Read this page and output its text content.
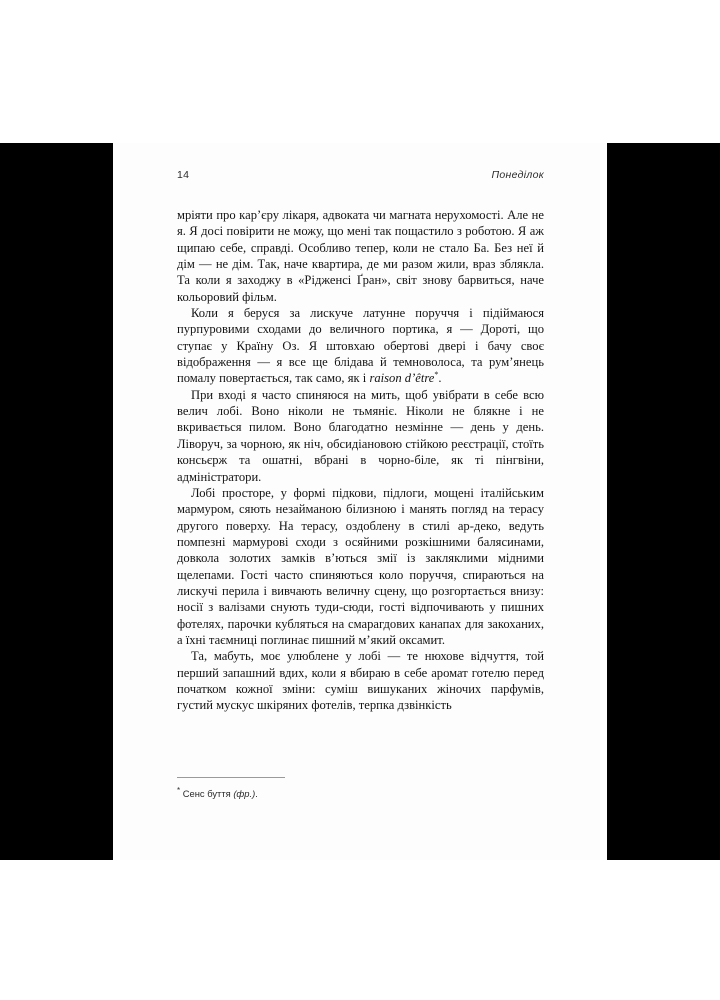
14	Понеділок

мріяти про кар’єру лікаря, адвоката чи магната нерухомості. Але не я. Я досі повірити не можу, що мені так пощастило з роботою. Я аж щипаю себе, справді. Особливо тепер, коли не стало Ба. Без неї й дім — не дім. Так, наче квартира, де ми разом жили, враз зблякла. Та коли я заходжу в «Рідженсі Ґран», світ знову барвиться, наче кольоровий фільм.

Коли я беруся за лискуче латунне поруччя і підіймаюся пурпуровими сходами до величного портика, я — Дороті, що ступає у Країну Оз. Я штовхаю обертові двері і бачу своє відображення — я все ще блідава й темноволоса, та рум’янець помалу повертається, так само, як і raison d’être*.

При вході я часто спиняюся на мить, щоб увібрати в себе всю велич лобі. Воно ніколи не тьмяніє. Ніколи не блякне і не вкривається пилом. Воно благодатно незмінне — день у день. Ліворуч, за чорною, як ніч, обсидіановою стійкою реєстрації, стоїть консьєрж та ошатні, вбрані в чорно-біле, як ті пінгвіни, адміністратори.

Лобі просторе, у формі підкови, підлоги, мощені італійським мармуром, сяють незайманою білизною і манять погляд на терасу другого поверху. На терасу, оздоблену в стилі ар-деко, ведуть помпезні мармурові сходи з осяйними розкішними балясинами, довкола золотих замків в’ються змії із закляклими мідними щелепами. Гості часто спиняються коло поруччя, спираються на лискучі перила і вивчають величну сцену, що розгортається внизу: носії з валізами снують туди-сюди, гості відпочивають у пишних фотелях, парочки кубляться на смарагдових канапах для закоханих, а їхні таємниці поглинає пишний м’який оксамит.

Та, мабуть, моє улюблене у лобі — те нюхове відчуття, той перший запашний вдих, коли я вбираю в себе аромат готелю перед початком кожної зміни: суміш вишуканих жіночих парфумів, густий мускус шкіряних фотелів, терпка дзвінкість

* Сенс буття (фр.).
